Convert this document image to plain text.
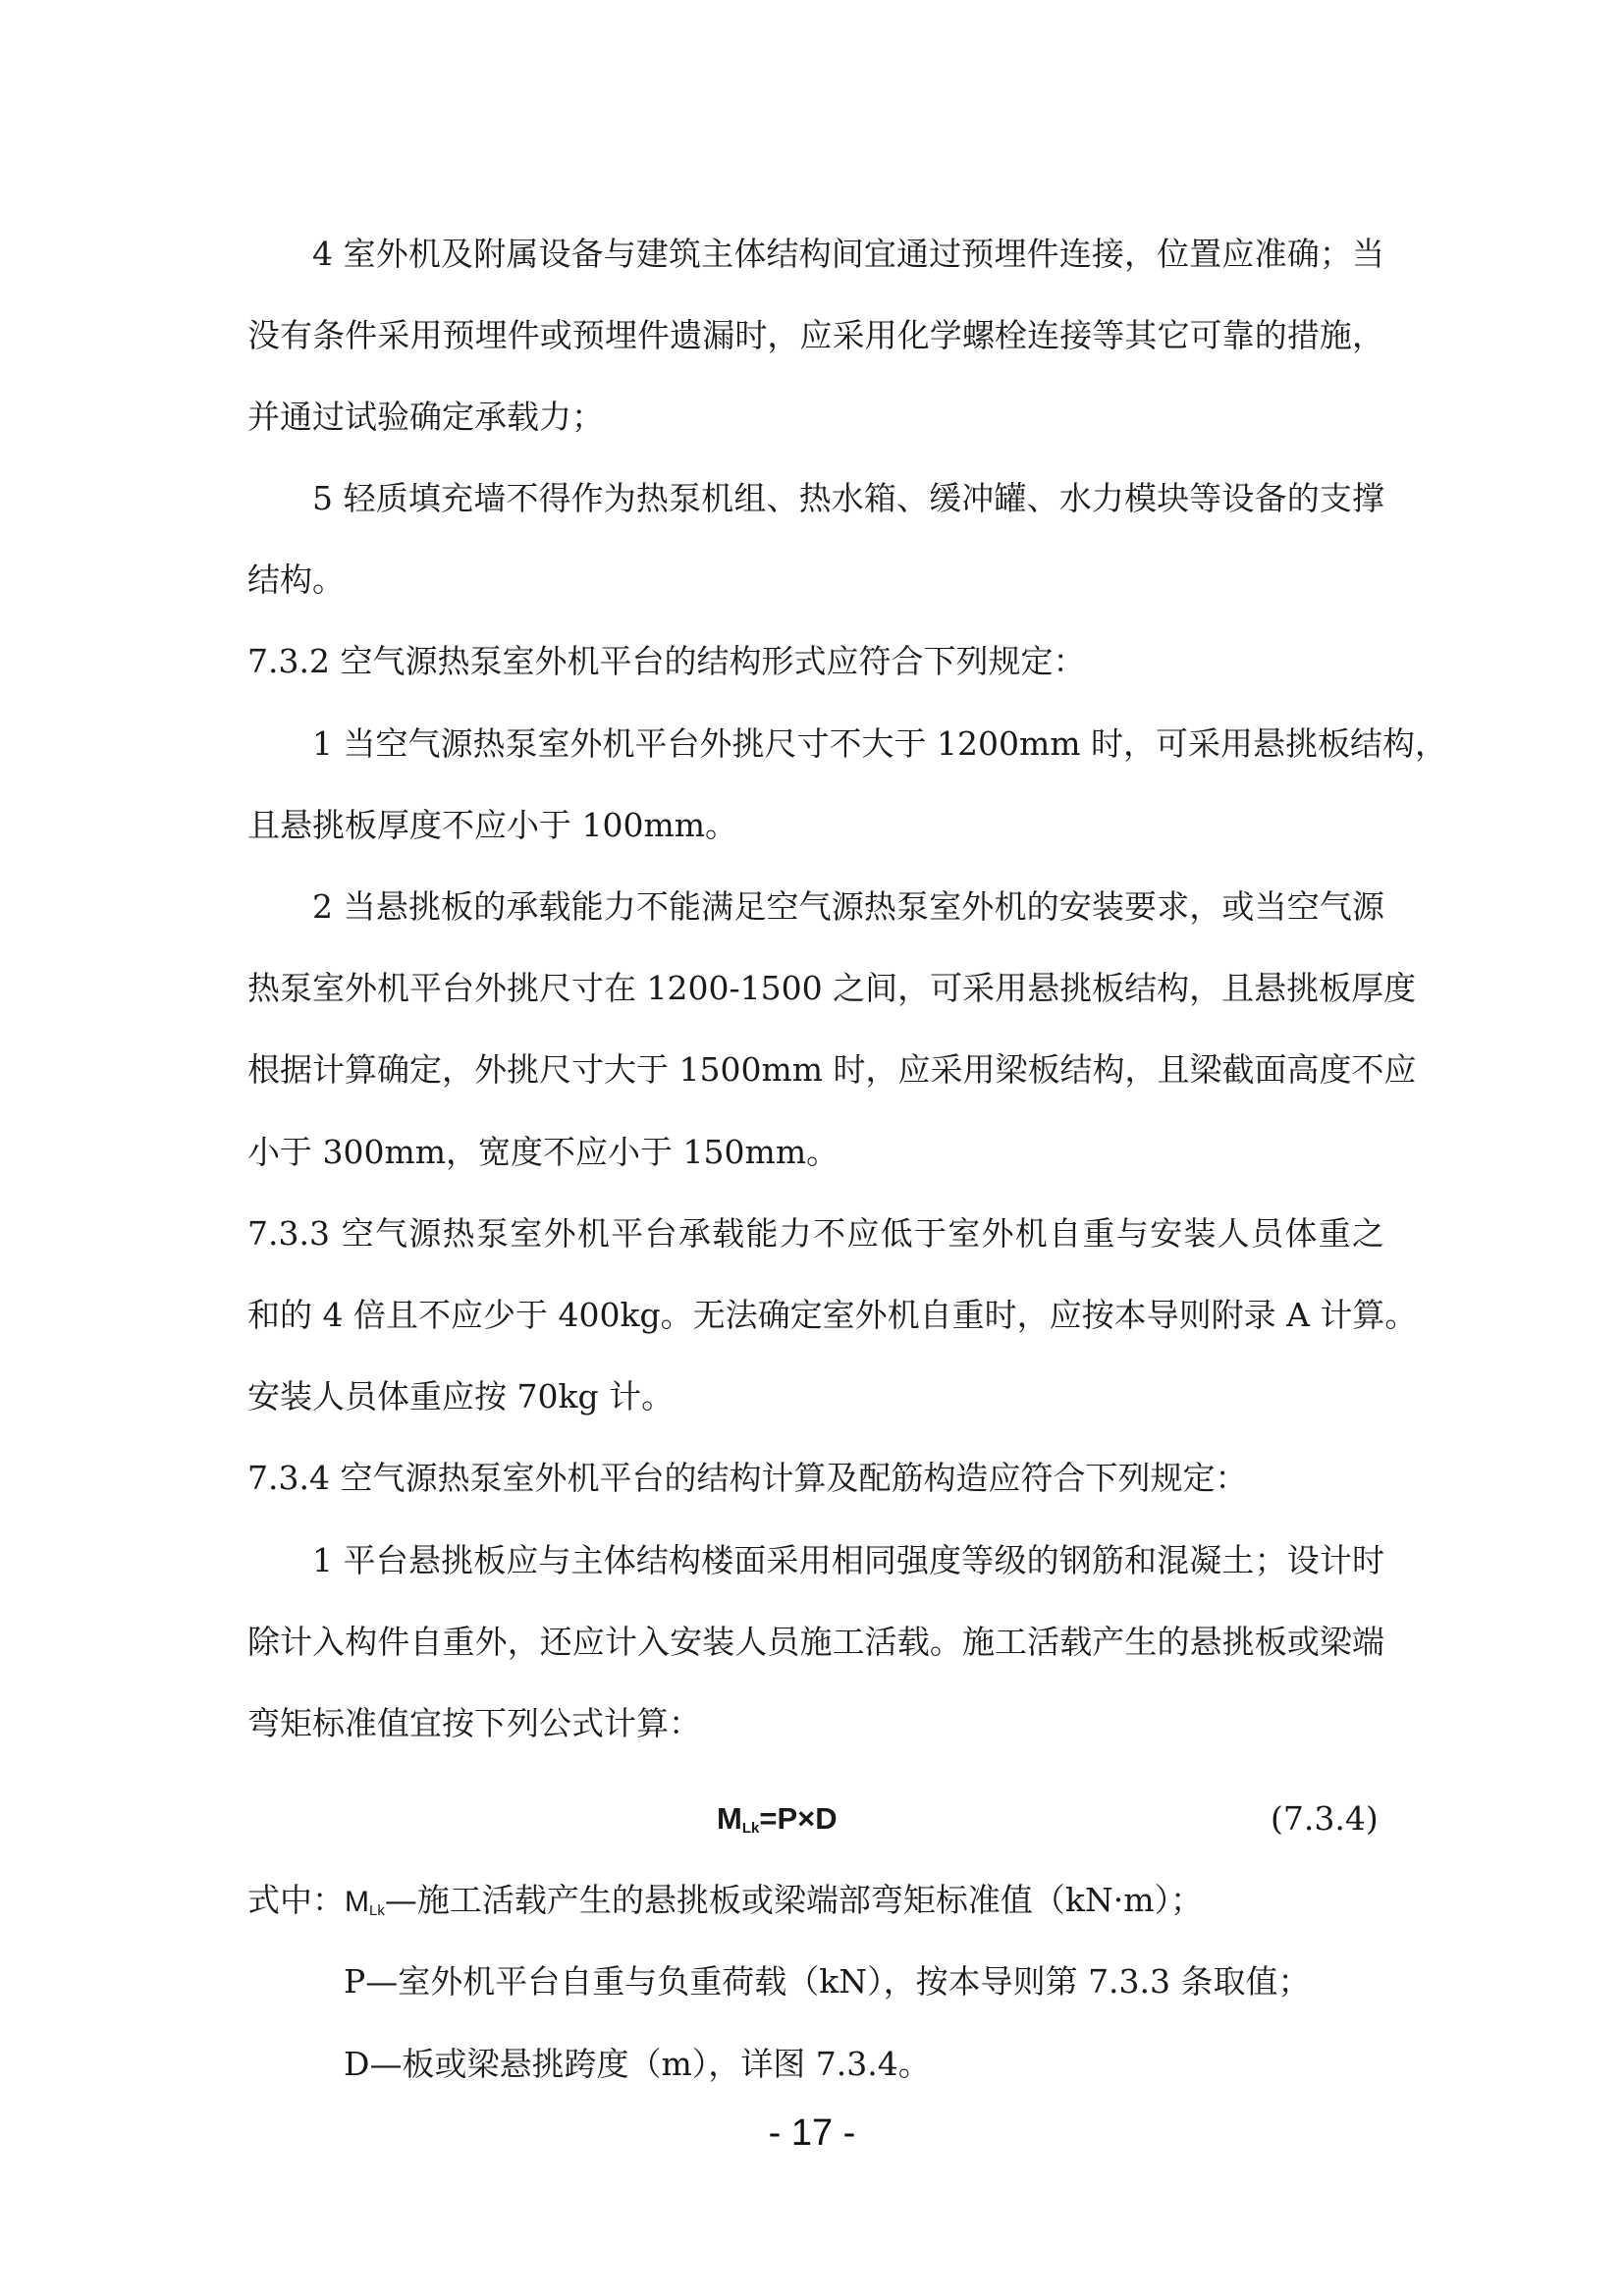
4 室外机及附属设备与建筑主体结构间宜通过预埋件连接，位置应准确；当
没有条件采用预埋件或预埋件遗漏时，应采用化学螺栓连接等其它可靠的措施，
并通过试验确定承载力；
5 轻质填充墙不得作为热泵机组、热水箱、缓冲罐、水力模块等设备的支撑
结构。
7.3.2 空气源热泵室外机平台的结构形式应符合下列规定：
1 当空气源热泵室外机平台外挑尺寸不大于 1200mm 时，可采用悬挑板结构，
且悬挑板厚度不应小于 100mm。
2 当悬挑板的承载能力不能满足空气源热泵室外机的安装要求，或当空气源
热泵室外机平台外挑尺寸在 1200-1500 之间，可采用悬挑板结构，且悬挑板厚度
根据计算确定，外挑尺寸大于 1500mm 时，应采用梁板结构，且梁截面高度不应
小于 300mm，宽度不应小于 150mm。
7.3.3 空气源热泵室外机平台承载能力不应低于室外机自重与安装人员体重之
和的 4 倍且不应少于 400kg。无法确定室外机自重时，应按本导则附录 A 计算。
安装人员体重应按 70kg 计。
7.3.4 空气源热泵室外机平台的结构计算及配筋构造应符合下列规定：
1 平台悬挑板应与主体结构楼面采用相同强度等级的钢筋和混凝土；设计时
除计入构件自重外，还应计入安装人员施工活载。施工活载产生的悬挑板或梁端
弯矩标准值宜按下列公式计算：
$M_{Lk}=P\times D$	(7.3.4)
式中：$M_{Lk}—$施工活载产生的悬挑板或梁端部弯矩标准值（kN·m）；
P—室外机平台自重与负重荷载（kN），按本导则第 7.3.3 条取值；
D—板或梁悬挑跨度（m），详图 7.3.4。
- 17 -
